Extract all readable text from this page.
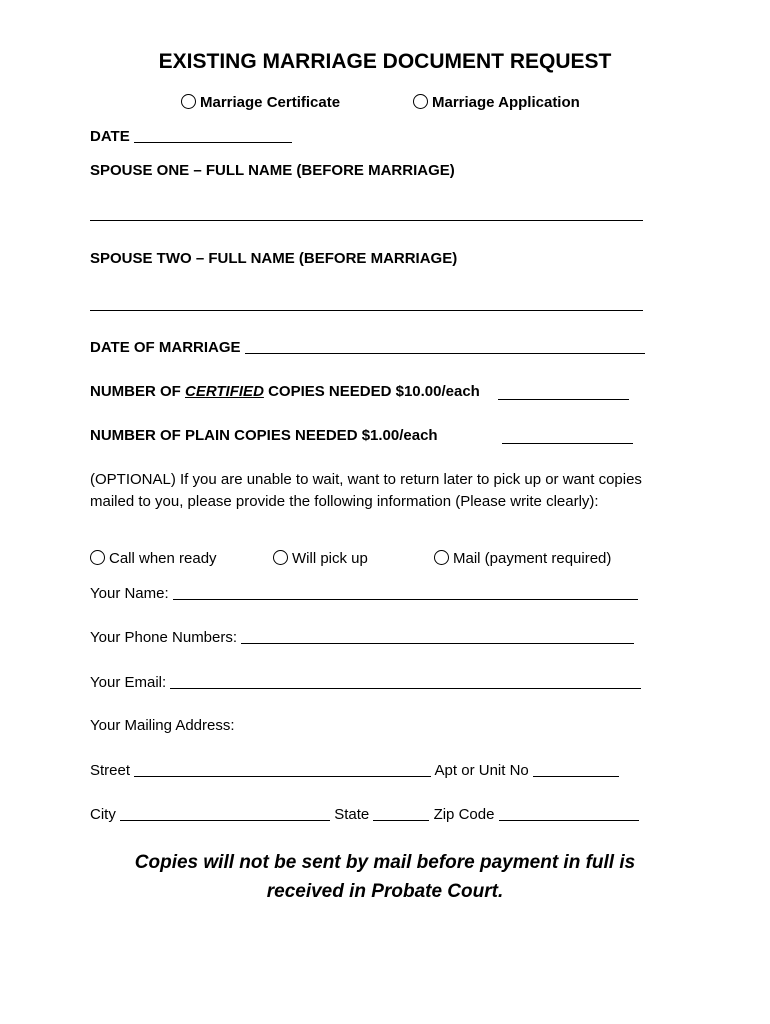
EXISTING MARRIAGE DOCUMENT REQUEST
Marriage Certificate	Marriage Application
DATE
SPOUSE ONE – FULL NAME (BEFORE MARRIAGE)
SPOUSE TWO – FULL NAME (BEFORE MARRIAGE)
DATE OF MARRIAGE
NUMBER OF CERTIFIED COPIES NEEDED $10.00/each
NUMBER OF PLAIN COPIES NEEDED $1.00/each
(OPTIONAL) If you are unable to wait, want to return later to pick up or want copies mailed to you, please provide the following information (Please write clearly):
Call when ready	Will pick up	Mail (payment required)
Your Name:
Your Phone Numbers:
Your Email:
Your Mailing Address:
Street	Apt or Unit No
City	State	Zip Code
Copies will not be sent by mail before payment in full is received in Probate Court.
